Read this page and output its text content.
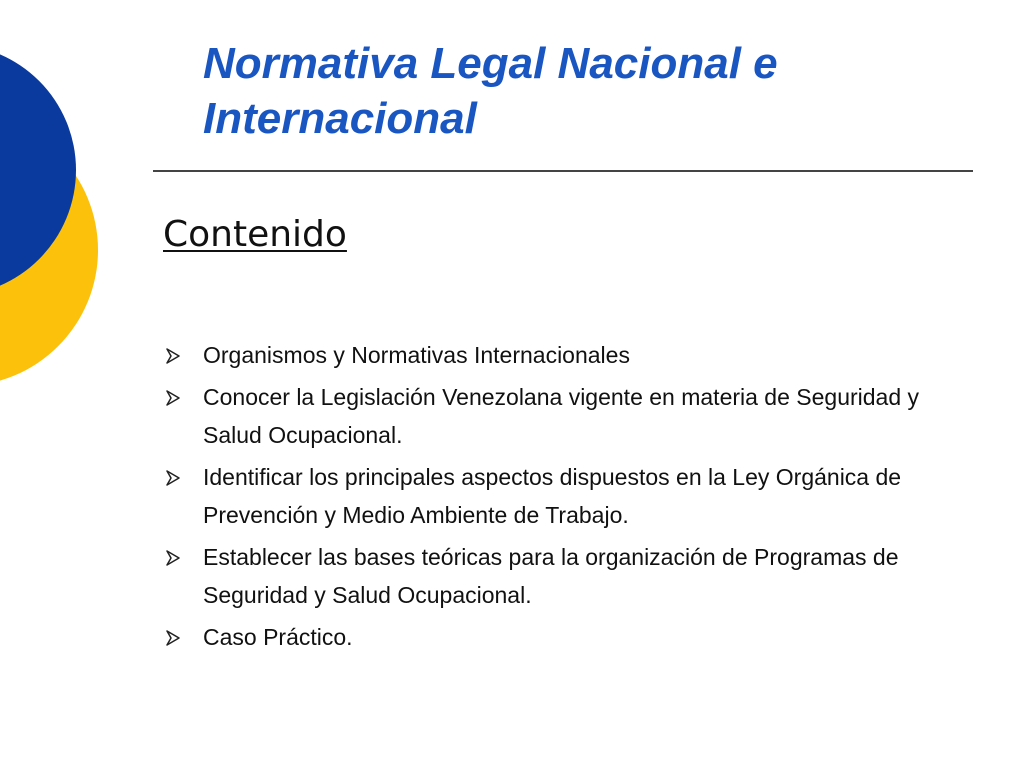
Normativa Legal Nacional e
Internacional
Contenido
Organismos y Normativas Internacionales
Conocer la Legislación Venezolana vigente en materia de Seguridad y Salud Ocupacional.
Identificar los principales aspectos dispuestos en la Ley Orgánica de Prevención y Medio Ambiente de Trabajo.
Establecer las bases teóricas para la organización de Programas de Seguridad y Salud Ocupacional.
Caso Práctico.
